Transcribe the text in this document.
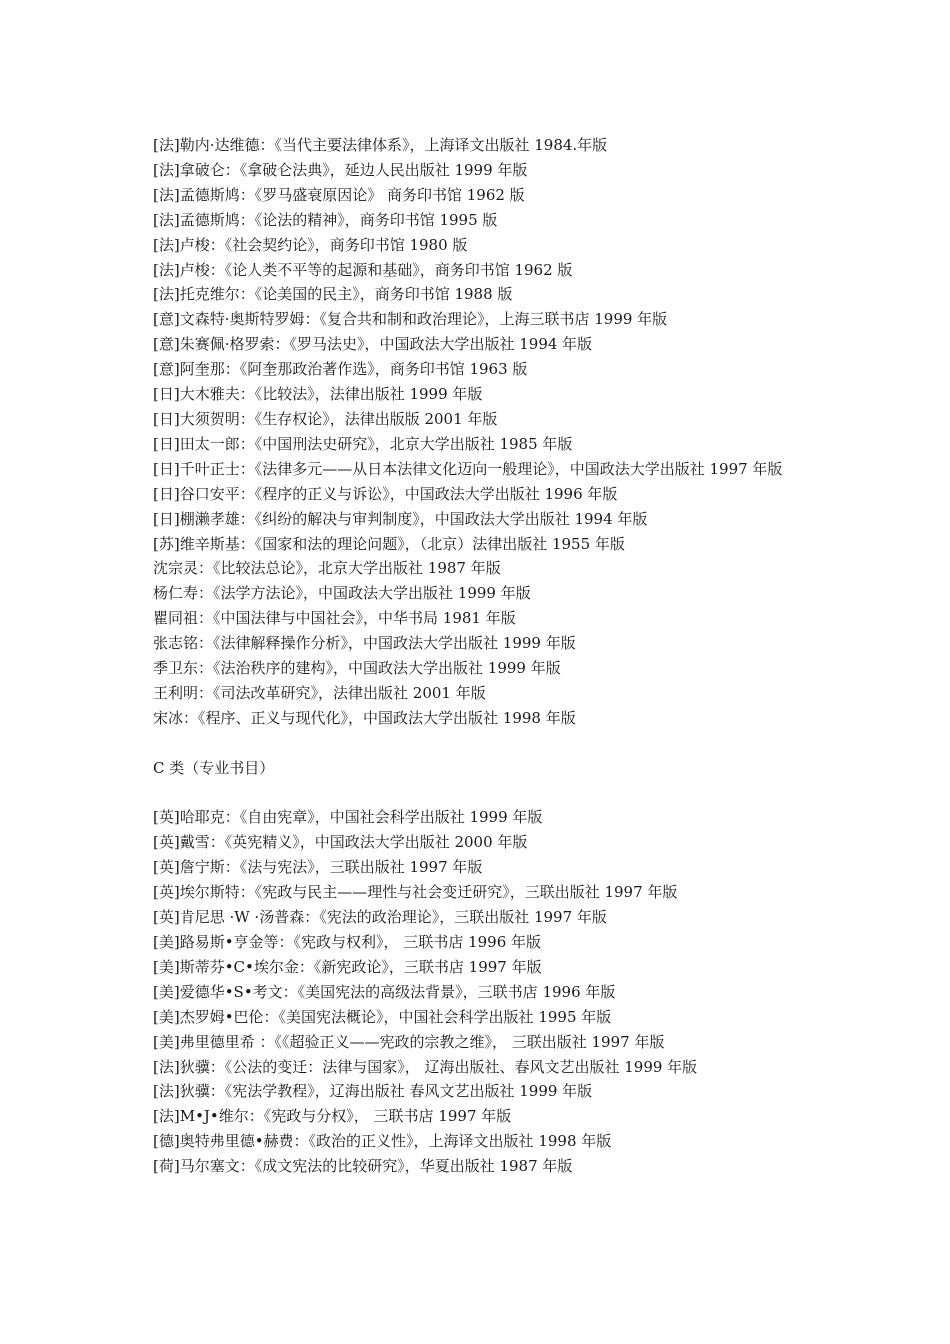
[法]勒内·达维德：《当代主要法律体系》，上海译文出版社 1984.年版
[法]拿破仑：《拿破仑法典》，延边人民出版社 1999 年版
[法]孟德斯鸠：《罗马盛衰原因论》 商务印书馆 1962 版
[法]孟德斯鸠：《论法的精神》，商务印书馆 1995 版
[法]卢梭：《社会契约论》，商务印书馆 1980 版
[法]卢梭：《论人类不平等的起源和基础》，商务印书馆 1962 版
[法]托克维尔：《论美国的民主》，商务印书馆 1988 版
[意]文森特·奥斯特罗姆：《复合共和制和政治理论》，上海三联书店 1999 年版
[意]朱赛佩·格罗索：《罗马法史》，中国政法大学出版社 1994 年版
[意]阿奎那：《阿奎那政治著作选》，商务印书馆 1963 版
[日]大木雅夫：《比较法》，法律出版社 1999 年版
[日]大须贺明：《生存权论》，法律出版版 2001 年版
[日]田太一郎：《中国刑法史研究》，北京大学出版社 1985 年版
[日]千叶正士：《法律多元——从日本法律文化迈向一般理论》，中国政法大学出版社 1997 年版
[日]谷口安平：《程序的正义与诉讼》，中国政法大学出版社 1996 年版
[日]棚濑孝雄：《纠纷的解决与审判制度》，中国政法大学出版社 1994 年版
[苏]维辛斯基：《国家和法的理论问题》，（北京）法律出版社 1955 年版
沈宗灵：《比较法总论》，北京大学出版社 1987 年版
杨仁寿：《法学方法论》，中国政法大学出版社 1999 年版
瞿同祖：《中国法律与中国社会》，中华书局 1981 年版
张志铭：《法律解释操作分析》，中国政法大学出版社 1999 年版
季卫东：《法治秩序的建构》，中国政法大学出版社 1999 年版
王利明：《司法改革研究》，法律出版社 2001 年版
宋冰：《程序、正义与现代化》，中国政法大学出版社 1998 年版
C 类（专业书目）
[英]哈耶克：《自由宪章》，中国社会科学出版社 1999 年版
[英]戴雪：《英宪精义》，中国政法大学出版社 2000 年版
[英]詹宁斯：《法与宪法》，三联出版社 1997 年版
[英]埃尔斯特：《宪政与民主——理性与社会变迁研究》，三联出版社 1997 年版
[英]肯尼思 ·W ·汤普森：《宪法的政治理论》，三联出版社 1997 年版
[美]路易斯•亨金等：《宪政与权利》， 三联书店 1996 年版
[美]斯蒂芬•C•埃尔金：《新宪政论》，三联书店 1997 年版
[美]爱德华•S•考文：《美国宪法的高级法背景》，三联书店 1996 年版
[美]杰罗姆•巴伦：《美国宪法概论》，中国社会科学出版社 1995 年版
[美]弗里德里希 ：《《超验正义——宪政的宗教之维》， 三联出版社 1997 年版
[法]狄骥：《公法的变迁：法律与国家》， 辽海出版社、春风文艺出版社 1999 年版
[法]狄骥：《宪法学教程》，辽海出版社 春风文艺出版社 1999 年版
[法]M•J•维尔：《宪政与分权》， 三联书店 1997 年版
[德]奥特弗里德•赫费：《政治的正义性》，上海译文出版社 1998 年版
[荷]马尔塞文：《成文宪法的比较研究》，华夏出版社 1987 年版
